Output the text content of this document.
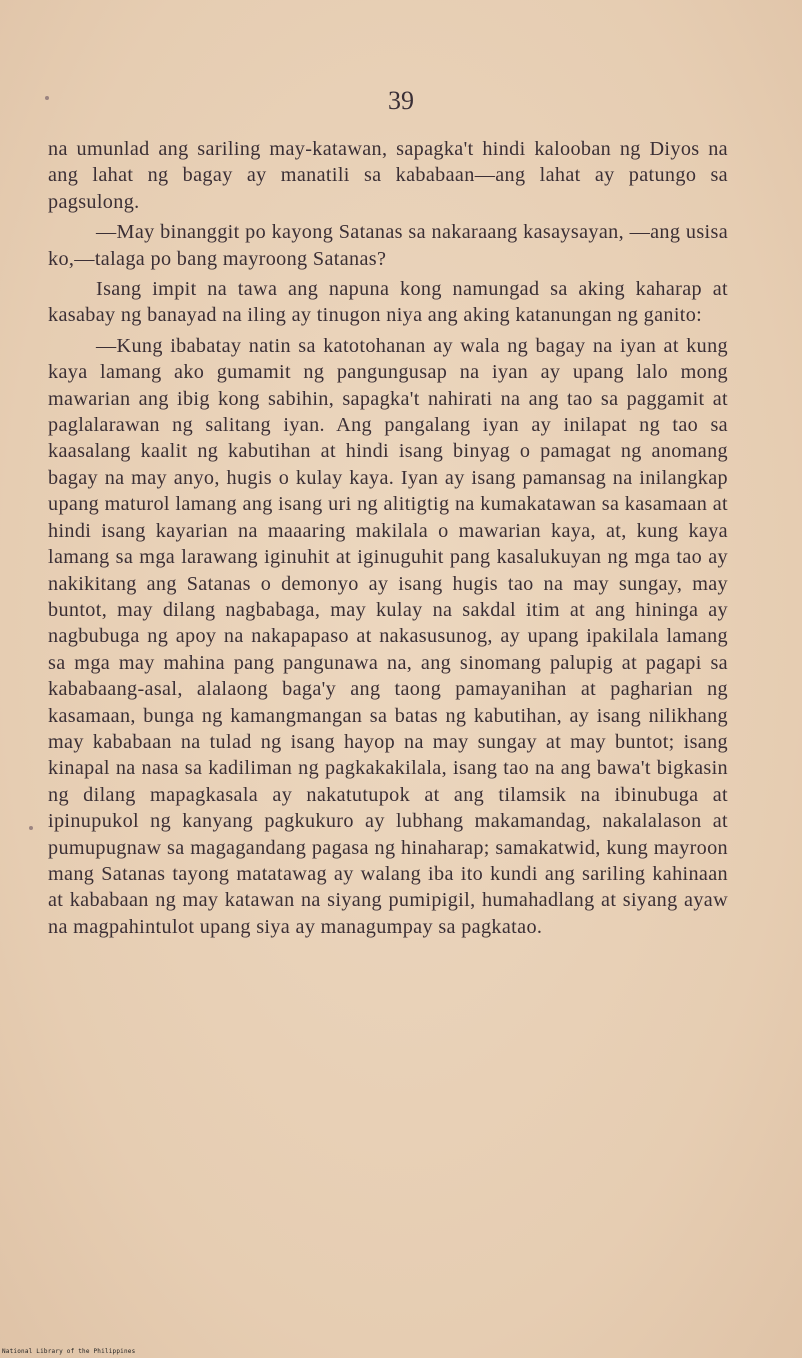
39

na umunlad ang sariling may-katawan, sapagka't hindi kalooban ng Diyos na ang lahat ng bagay ay manatili sa kababaan—ang lahat ay patungo sa pagsulong.

—May binanggit po kayong Satanas sa nakaraang kasaysayan, —ang usisa ko,—talaga po bang mayroong Satanas?

Isang impit na tawa ang napuna kong namungad sa aking kaharap at kasabay ng banayad na iling ay tinugon niya ang aking katanungan ng ganito:

—Kung ibabatay natin sa katotohanan ay wala ng bagay na iyan at kung kaya lamang ako gumamit ng pangungusap na iyan ay upang lalo mong mawarian ang ibig kong sabihin, sapagka't nahirati na ang tao sa paggamit at paglalarawan ng salitang iyan. Ang pangalang iyan ay inilapat ng tao sa kaasalang kaalit ng kabutihan at hindi isang binyag o pamagat ng anomang bagay na may anyo, hugis o kulay kaya. Iyan ay isang pamansag na inilangkap upang maturol lamang ang isang uri ng alitigtig na kumakatawan sa kasamaan at hindi isang kayarian na maaaring makilala o mawarian kaya, at, kung kaya lamang sa mga larawang iginuhit at iginuguhit pang kasalukuyan ng mga tao ay nakikitang ang Satanas o demonyo ay isang hugis tao na may sungay, may buntot, may dilang nagbabaga, may kulay na sakdal itim at ang hininga ay nagbubuga ng apoy na nakapapaso at nakasusunog, ay upang ipakilala lamang sa mga may mahina pang pangunawa na, ang sinomang palupig at pagapi sa kababaang-asal, alalaong baga'y ang taong pamayanihan at pagharian ng kasamaan, bunga ng kamangmangan sa batas ng kabutihan, ay isang nilikhang may kababaan na tulad ng isang hayop na may sungay at may buntot; isang kinapal na nasa sa kadiliman ng pagkakakilala, isang tao na ang bawa't bigkasin ng dilang mapagkasala ay nakatutupok at ang tilamsik na ibinubuga at ipinupukol ng kanyang pagkukuro ay lubhang makamandag, nakalalason at pumupugnaw sa magagandang pagasa ng hinaharap; samakatwid, kung mayroon mang Satanas tayong matatawag ay walang iba ito kundi ang sariling kahinaan at kababaan ng may katawan na siyang pumipigil, humahadlang at siyang ayaw na magpahintulot upang siya ay managumpay sa pagkatao.

National Library of the Philippines
